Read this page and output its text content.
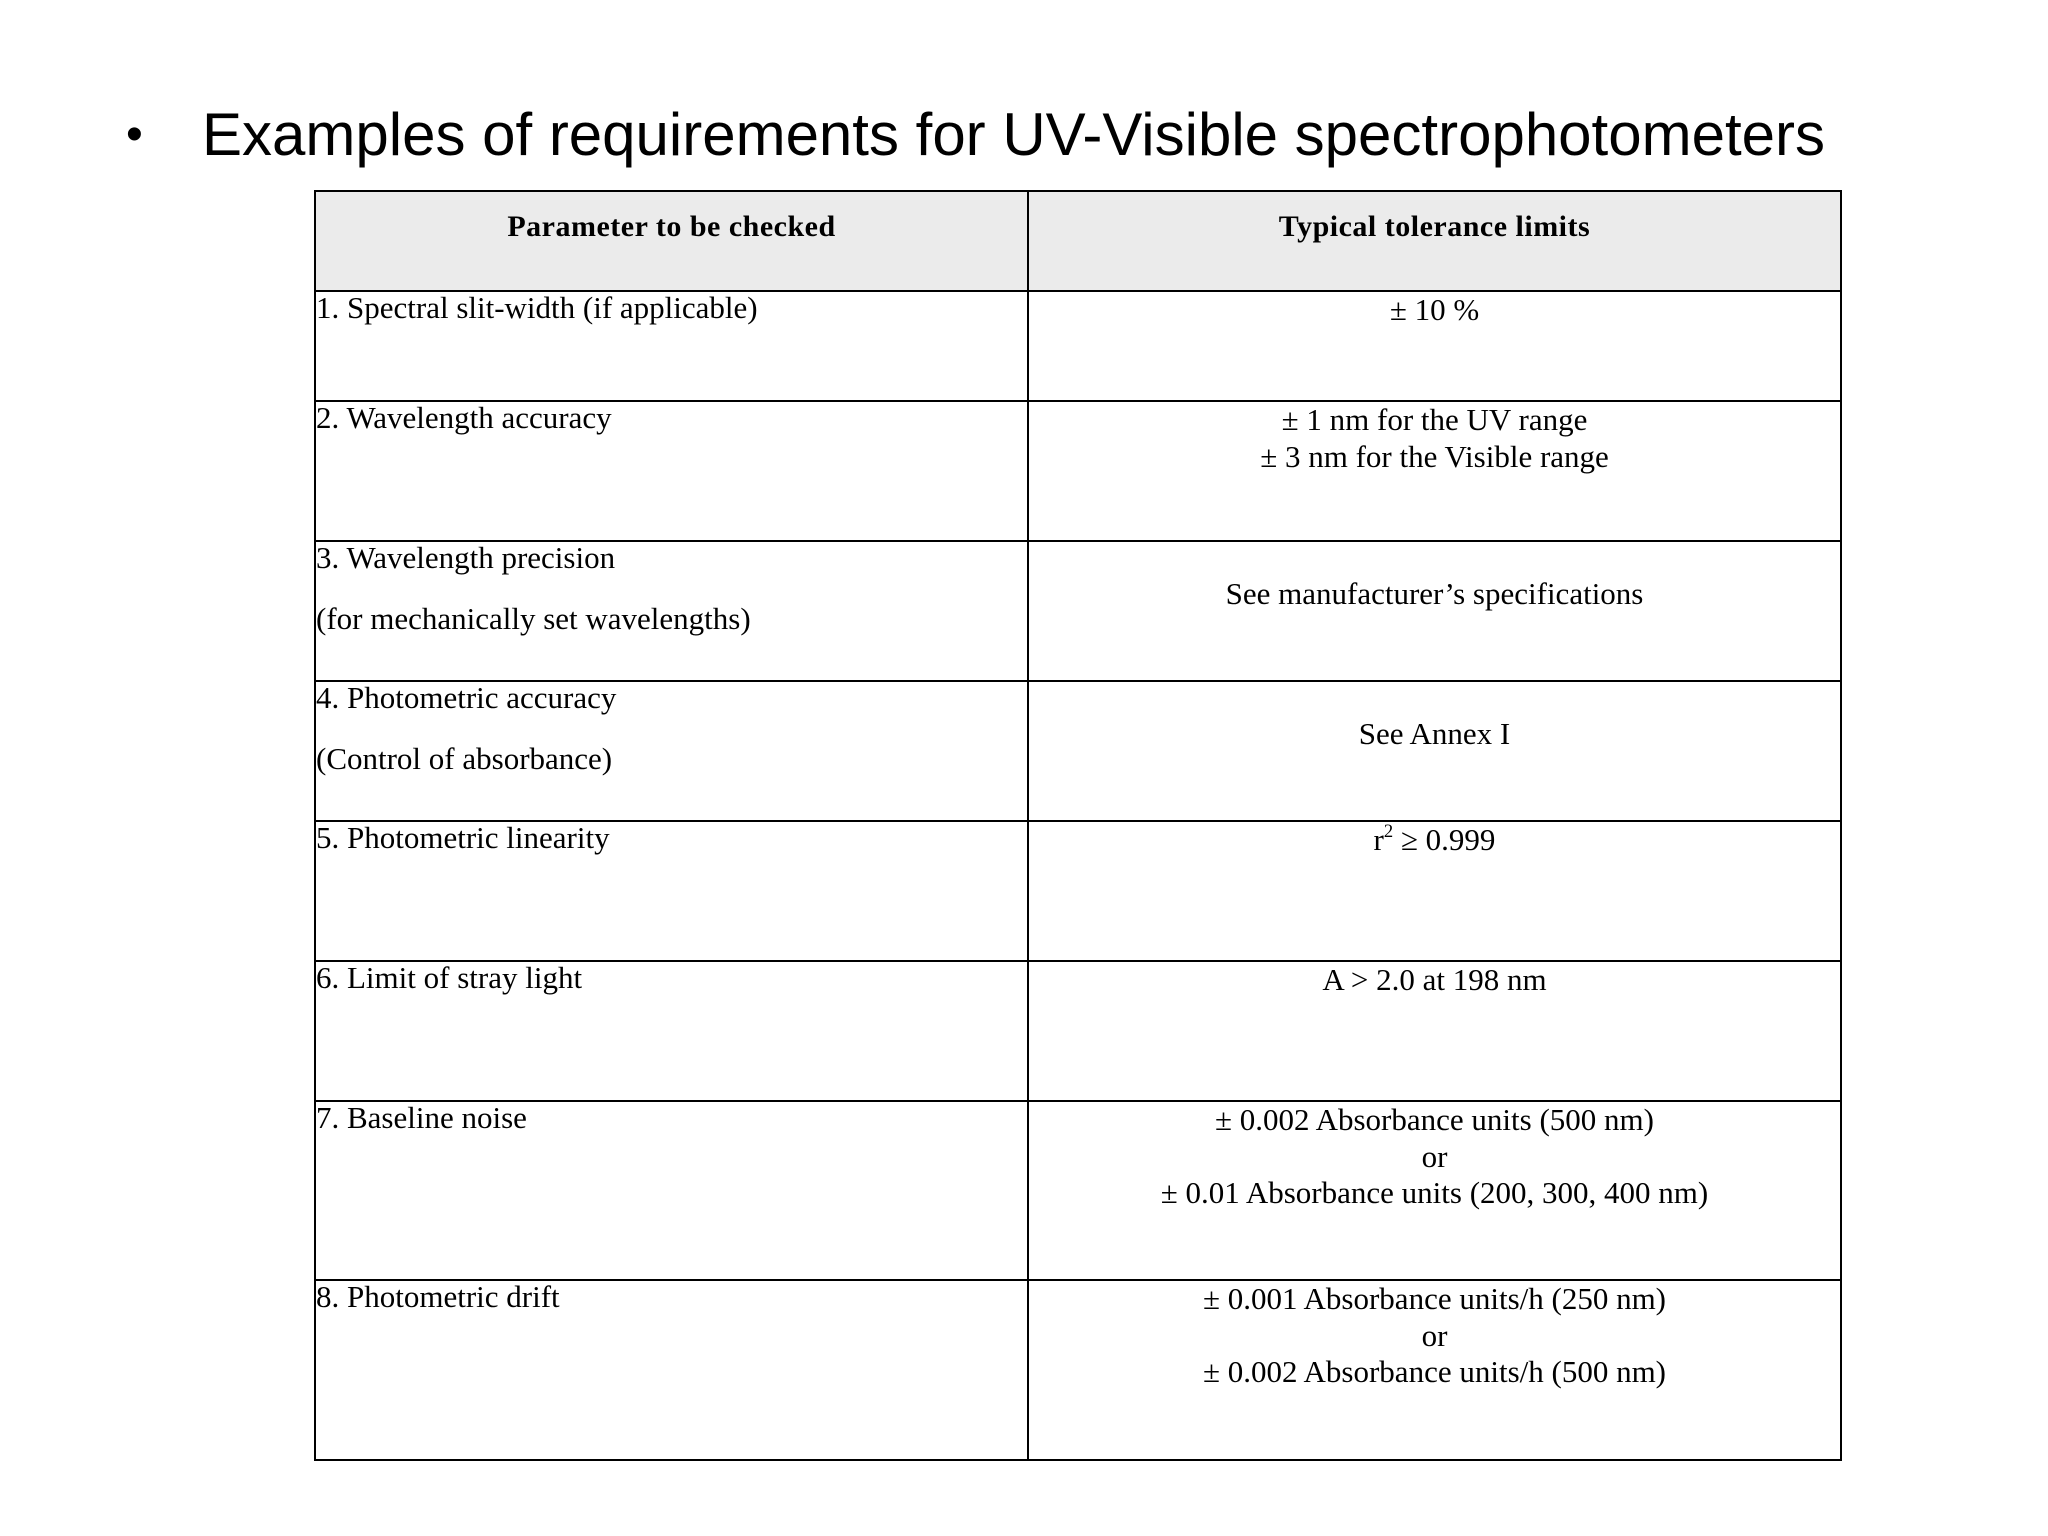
• Examples of requirements for UV-Visible spectrophotometers
Parameter to be checked	Typical tolerance limits
1. Spectral slit-width (if applicable)	± 10 %

2. Wavelength accuracy	± 1 nm for the UV range
± 3 nm for the Visible range

3. Wavelength precision
(for mechanically set wavelengths)	See manufacturer’s specifications

4. Photometric accuracy
(Control of absorbance)	See Annex I

5. Photometric linearity	$r^2 \ge 0.999$

6. Limit of stray light	A > 2.0 at 198 nm

7. Baseline noise	± 0.002 Absorbance units (500 nm)
or
± 0.01 Absorbance units (200, 300, 400 nm)

8. Photometric drift	± 0.001 Absorbance units/h (250 nm)
or
± 0.002 Absorbance units/h (500 nm)
